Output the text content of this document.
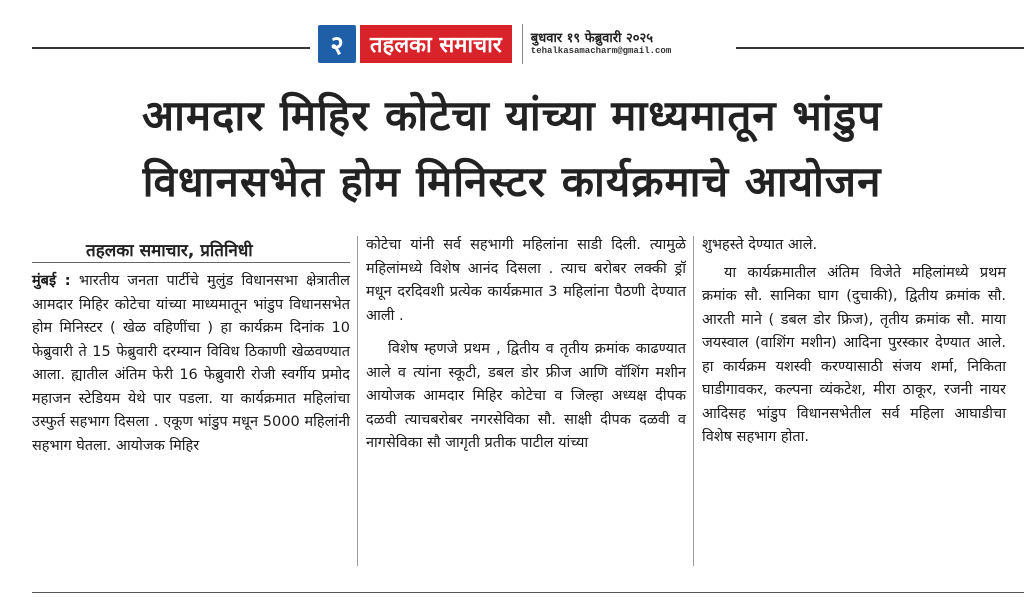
२	तहलका समाचार	बुधवार १९ फेब्रुवारी २०२५
tehalkasamacharm@gmail.com
आमदार मिहिर कोटेचा यांच्या माध्यमातून भांडुप
विधानसभेत होम मिनिस्टर कार्यक्रमाचे आयोजन
तहलका समाचार, प्रतिनिधी

मुंबई : भारतीय जनता पार्टीचे मुलुंड विधानसभा क्षेत्रातील आमदार मिहिर कोटेचा यांच्या माध्यमातून भांडुप विधानसभेत होम मिनिस्टर ( खेळ वहिणींचा ) हा कार्यक्रम दिनांक 10 फेब्रुवारी ते 15 फेब्रुवारी दरम्यान विविध ठिकाणी खेळवण्यात आला. ह्यातील अंतिम फेरी 16 फेब्रुवारी रोजी स्वर्गीय प्रमोद महाजन स्टेडियम येथे पार पडला. या कार्यक्रमात महिलांचा उस्फुर्त सहभाग दिसला . एकूण भांडुप मधून 5000 महिलांनी सहभाग घेतला. आयोजक मिहिर

कोटेचा यांनी सर्व सहभागी महिलांना साडी दिली. त्यामुळे महिलांमध्ये विशेष आनंद दिसला . त्याच बरोबर लक्की ड्रॉ मधून दरदिवशी प्रत्येक कार्यक्रमात 3 महिलांना पैठणी देण्यात आली .

विशेष म्हणजे प्रथम , द्वितीय व तृतीय क्रमांक काढण्यात आले व त्यांना स्कूटी, डबल डोर फ्रीज आणि वॉशिंग मशीन आयोजक आमदार मिहिर कोटेचा व जिल्हा अध्यक्ष दीपक दळवी त्याचबरोबर नगरसेविका सौ. साक्षी दीपक दळवी व नागसेविका सौ जागृती प्रतीक पाटील यांच्या

शुभहस्ते देण्यात आले.

या कार्यक्रमातील अंतिम विजेते महिलांमध्ये प्रथम क्रमांक सौ. सानिका घाग (दुचाकी), द्वितीय क्रमांक सौ. आरती माने ( डबल डोर फ्रिज), तृतीय क्रमांक सौ. माया जयस्वाल (वाशिंग मशीन) आदिना पुरस्कार देण्यात आले. हा कार्यक्रम यशस्वी करण्यासाठी संजय शर्मा, निकिता घाडीगावकर, कल्पना व्यंकटेश, मीरा ठाकूर, रजनी नायर आदिसह भांडुप विधानसभेतील सर्व महिला आघाडीचा विशेष सहभाग होता.
